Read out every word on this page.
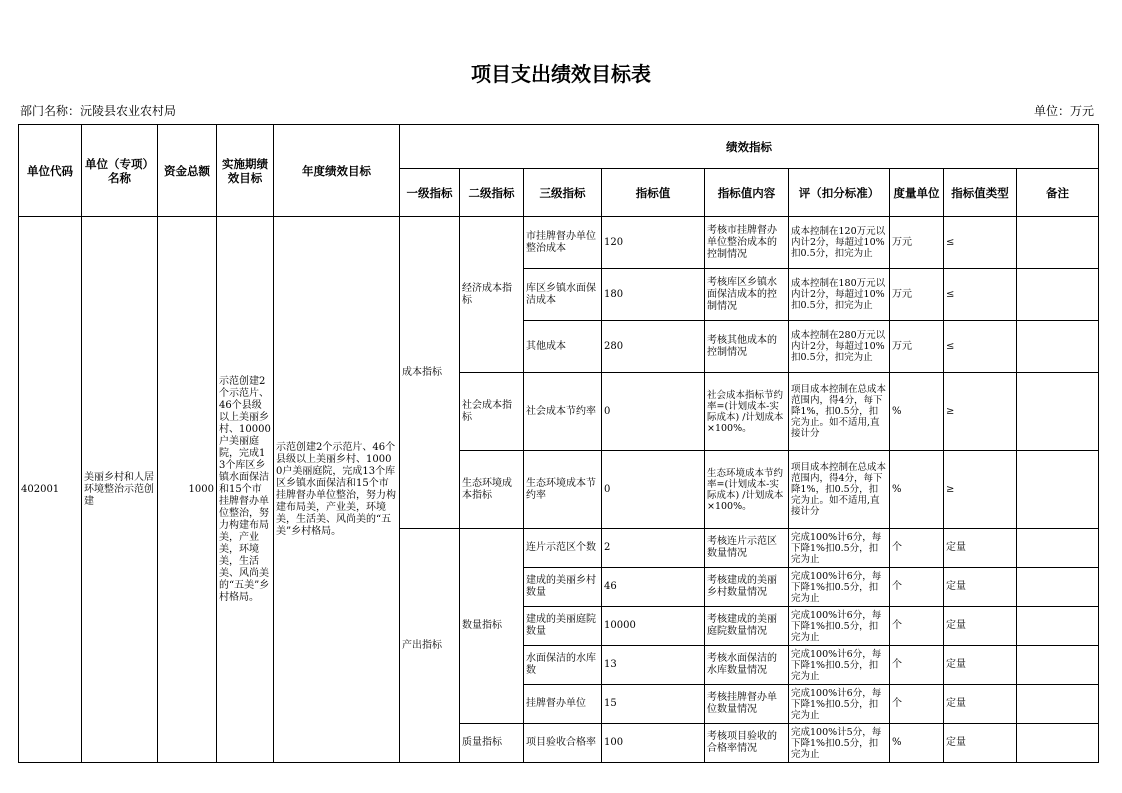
项目支出绩效目标表
部门名称：沅陵县农业农村局	单位：万元
单位代码	单位（专项）名称	资金总额	实施期绩效目标	年度绩效目标	绩效指标								
					一级指标	二级指标	三级指标	指标值	指标值内容	评（扣分标准）	度量单位	指标值类型	备注
402001	美丽乡村和人居环境整治示范创建	1000	示范创建2个示范片、46个县级以上美丽乡村、10000户美丽庭院，完成13个库区乡镇水面保洁和15个市挂牌督办单位整治，努力构建布局美，产业美，环境美，生活美、风尚美的“五美”乡村格局。	示范创建2个示范片、46个县级以上美丽乡村、10000户美丽庭院，完成13个库区乡镇水面保洁和15个市挂牌督办单位整治，努力构建布局美，产业美，环境美，生活美、风尚美的“五美”乡村格局。	成本指标	经济成本指标	市挂牌督办单位整治成本	120	考核市挂牌督办单位整治成本的控制情况	成本控制在120万元以内计2分，每超过10%扣0.5分，扣完为止	万元	≤	
							库区乡镇水面保洁成本	180	考核库区乡镇水面保洁成本的控制情况	成本控制在180万元以内计2分，每超过10%扣0.5分，扣完为止	万元	≤	
							其他成本	280	考核其他成本的控制情况	成本控制在280万元以内计2分，每超过10%扣0.5分，扣完为止	万元	≤	
						社会成本指标	社会成本节约率	0	社会成本指标节约率=(计划成本-实际成本) /计划成本×100%。	项目成本控制在总成本范围内，得4分，每下降1%，扣0.5分，扣完为止。如不适用,直接计分	%	≥	
						生态环境成本指标	生态环境成本节约率	0	生态环境成本节约率=(计划成本-实际成本) /计划成本×100%。	项目成本控制在总成本范围内，得4分，每下降1%，扣0.5分，扣完为止。如不适用,直接计分	%	≥	
					产出指标	数量指标	连片示范区个数	2	考核连片示范区数量情况	完成100%计6分，每下降1%扣0.5分，扣完为止	个	定量	
							建成的美丽乡村数量	46	考核建成的美丽乡村数量情况	完成100%计6分，每下降1%扣0.5分，扣完为止	个	定量	
							建成的美丽庭院数量	10000	考核建成的美丽庭院数量情况	完成100%计6分，每下降1%扣0.5分，扣完为止	个	定量	
							水面保洁的水库数	13	考核水面保洁的水库数量情况	完成100%计6分，每下降1%扣0.5分，扣完为止	个	定量	
							挂牌督办单位	15	考核挂牌督办单位数量情况	完成100%计6分，每下降1%扣0.5分，扣完为止	个	定量	
						质量指标	项目验收合格率	100	考核项目验收的合格率情况	完成100%计5分，每下降1%扣0.5分，扣完为止	%	定量	
